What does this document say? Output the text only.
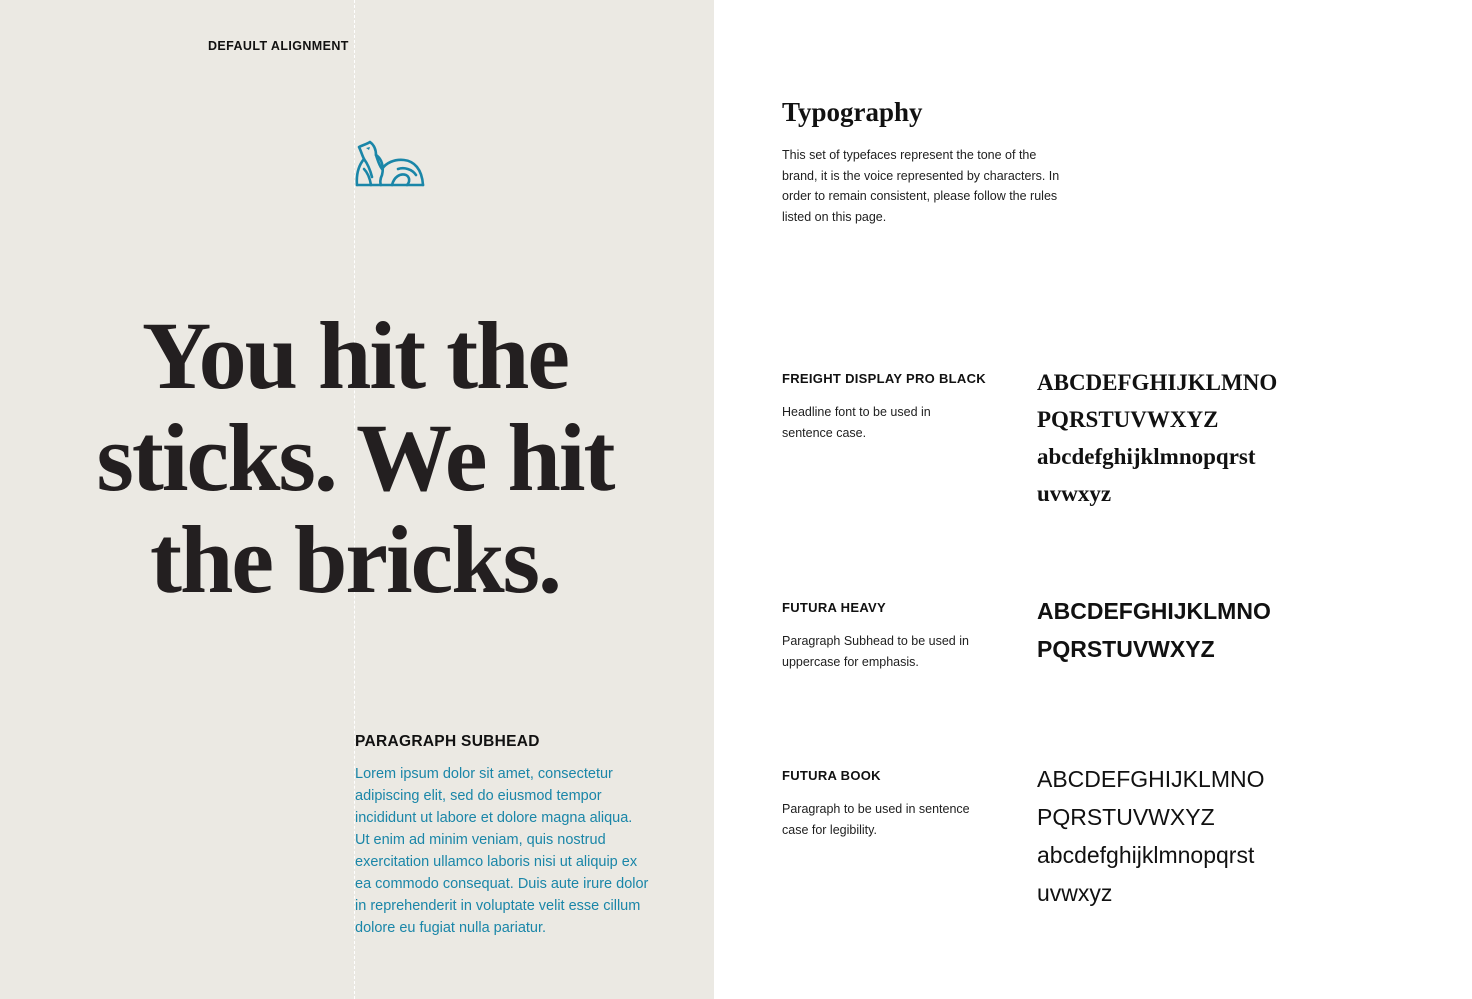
DEFAULT ALIGNMENT
You hit the
sticks. We hit
the bricks.
PARAGRAPH SUBHEAD
Lorem ipsum dolor sit amet, consectetur
adipiscing elit, sed do eiusmod tempor
incididunt ut labore et dolore magna aliqua.
Ut enim ad minim veniam, quis nostrud
exercitation ullamco laboris nisi ut aliquip ex
ea commodo consequat. Duis aute irure dolor
in reprehenderit in voluptate velit esse cillum
dolore eu fugiat nulla pariatur.
Typography
This set of typefaces represent the tone of the
brand, it is the voice represented by characters. In
order to remain consistent, please follow the rules
listed on this page.
FREIGHT DISPLAY PRO BLACK
Headline font to be used in
sentence case.
ABCDEFGHIJKLMNO
PQRSTUVWXYZ
abcdefghijklmnopqrst
uvwxyz
FUTURA HEAVY
Paragraph Subhead to be used in
uppercase for emphasis.
ABCDEFGHIJKLMNO
PQRSTUVWXYZ
FUTURA BOOK
Paragraph to be used in sentence
case for legibility.
ABCDEFGHIJKLMNO
PQRSTUVWXYZ
abcdefghijklmnopqrst
uvwxyz
